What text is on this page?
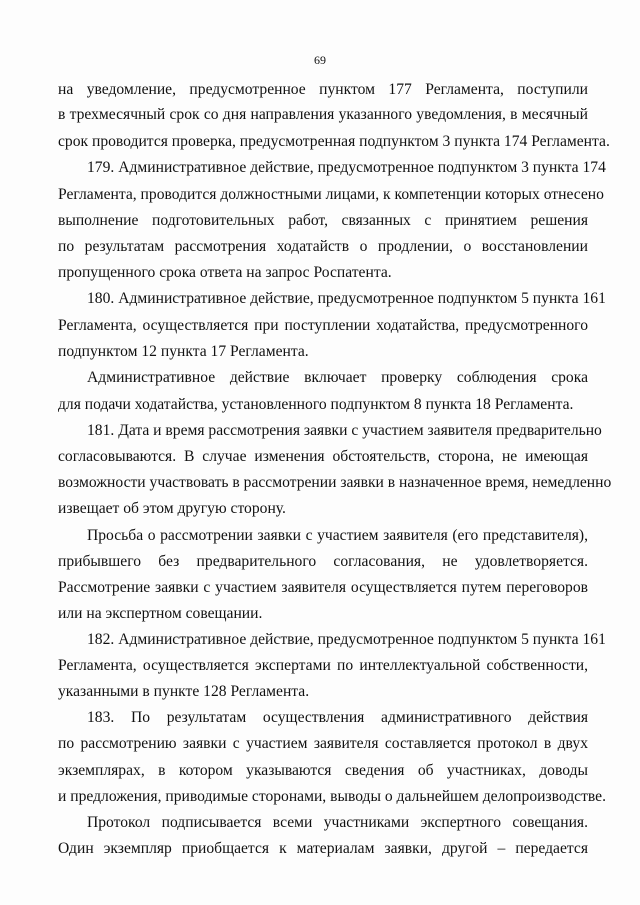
69
на уведомление, предусмотренное пунктом 177 Регламента, поступили
в трехмесячный срок со дня направления указанного уведомления, в месячный
срок проводится проверка, предусмотренная подпунктом 3 пункта 174 Регламента.
179. Административное действие, предусмотренное подпунктом 3 пункта 174
Регламента, проводится должностными лицами, к компетенции которых отнесено
выполнение подготовительных работ, связанных с принятием решения
по результатам рассмотрения ходатайств о продлении, о восстановлении
пропущенного срока ответа на запрос Роспатента.
180. Административное действие, предусмотренное подпунктом 5 пункта 161
Регламента, осуществляется при поступлении ходатайства, предусмотренного
подпунктом 12 пункта 17 Регламента.
Административное действие включает проверку соблюдения срока
для подачи ходатайства, установленного подпунктом 8 пункта 18 Регламента.
181. Дата и время рассмотрения заявки с участием заявителя предварительно
согласовываются. В случае изменения обстоятельств, сторона, не имеющая
возможности участвовать в рассмотрении заявки в назначенное время, немедленно
извещает об этом другую сторону.
Просьба о рассмотрении заявки с участием заявителя (его представителя),
прибывшего без предварительного согласования, не удовлетворяется.
Рассмотрение заявки с участием заявителя осуществляется путем переговоров
или на экспертном совещании.
182. Административное действие, предусмотренное подпунктом 5 пункта 161
Регламента, осуществляется экспертами по интеллектуальной собственности,
указанными в пункте 128 Регламента.
183. По результатам осуществления административного действия
по рассмотрению заявки с участием заявителя составляется протокол в двух
экземплярах, в котором указываются сведения об участниках, доводы
и предложения, приводимые сторонами, выводы о дальнейшем делопроизводстве.
Протокол подписывается всеми участниками экспертного совещания.
Один экземпляр приобщается к материалам заявки, другой – передается
